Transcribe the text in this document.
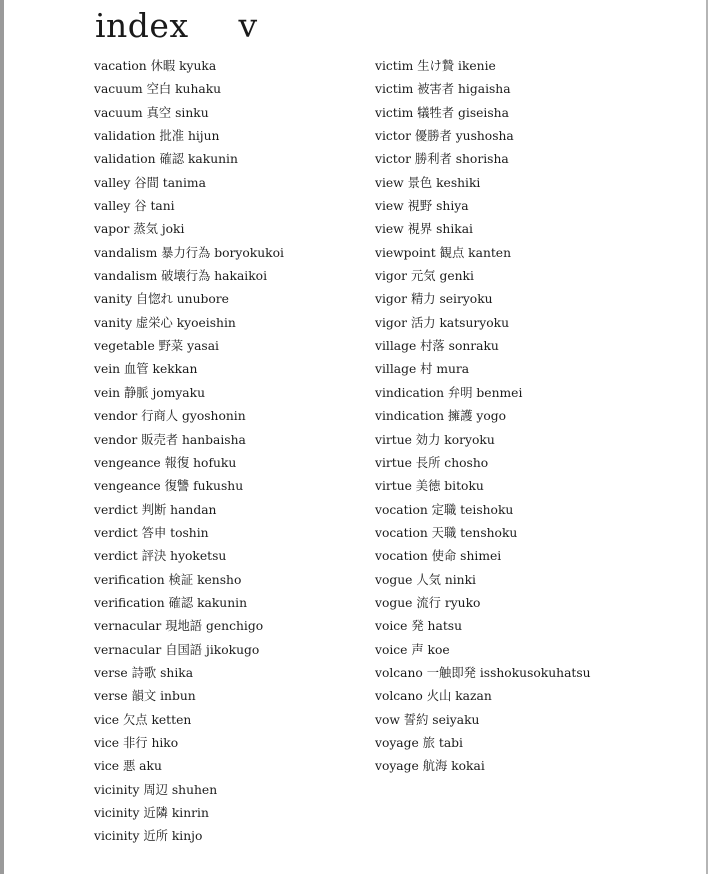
index  v
vacation 休暇 kyuka
vacuum 空白 kuhaku
vacuum 真空 sinku
validation 批准 hijun
validation 確認 kakunin
valley 谷間 tanima
valley 谷 tani
vapor 蒸気 joki
vandalism 暴力行為 boryokukoi
vandalism 破壊行為 hakaikoi
vanity 自惚れ unubore
vanity 虚栄心 kyoeishin
vegetable 野菜 yasai
vein 血管 kekkan
vein 静脈 jomyaku
vendor 行商人 gyoshonin
vendor 販売者 hanbaisha
vengeance 報復 hofuku
vengeance 復讐 fukushu
verdict 判断 handan
verdict 答申 toshin
verdict 評決 hyoketsu
verification 検証 kensho
verification 確認 kakunin
vernacular 現地語 genchigo
vernacular 自国語 jikokugo
verse 詩歌 shika
verse 韻文 inbun
vice 欠点 ketten
vice 非行 hiko
vice 悪 aku
vicinity 周辺 shuhen
vicinity 近隣 kinrin
vicinity 近所 kinjo
victim 生け贄 ikenie
victim 被害者 higaisha
victim 犠牲者 giseisha
victor 優勝者 yushosha
victor 勝利者 shorisha
view 景色 keshiki
view 視野 shiya
view 視界 shikai
viewpoint 観点 kanten
vigor 元気 genki
vigor 精力 seiryoku
vigor 活力 katsuryoku
village 村落 sonraku
village 村 mura
vindication 弁明 benmei
vindication 擁護 yogo
virtue 効力 koryoku
virtue 長所 chosho
virtue 美徳 bitoku
vocation 定職 teishoku
vocation 天職 tenshoku
vocation 使命 shimei
vogue 人気 ninki
vogue 流行 ryuko
voice 発 hatsu
voice 声 koe
volcano 一触即発 isshokusokuhatsu
volcano 火山 kazan
vow 誓約 seiyaku
voyage 旅 tabi
voyage 航海 kokai
